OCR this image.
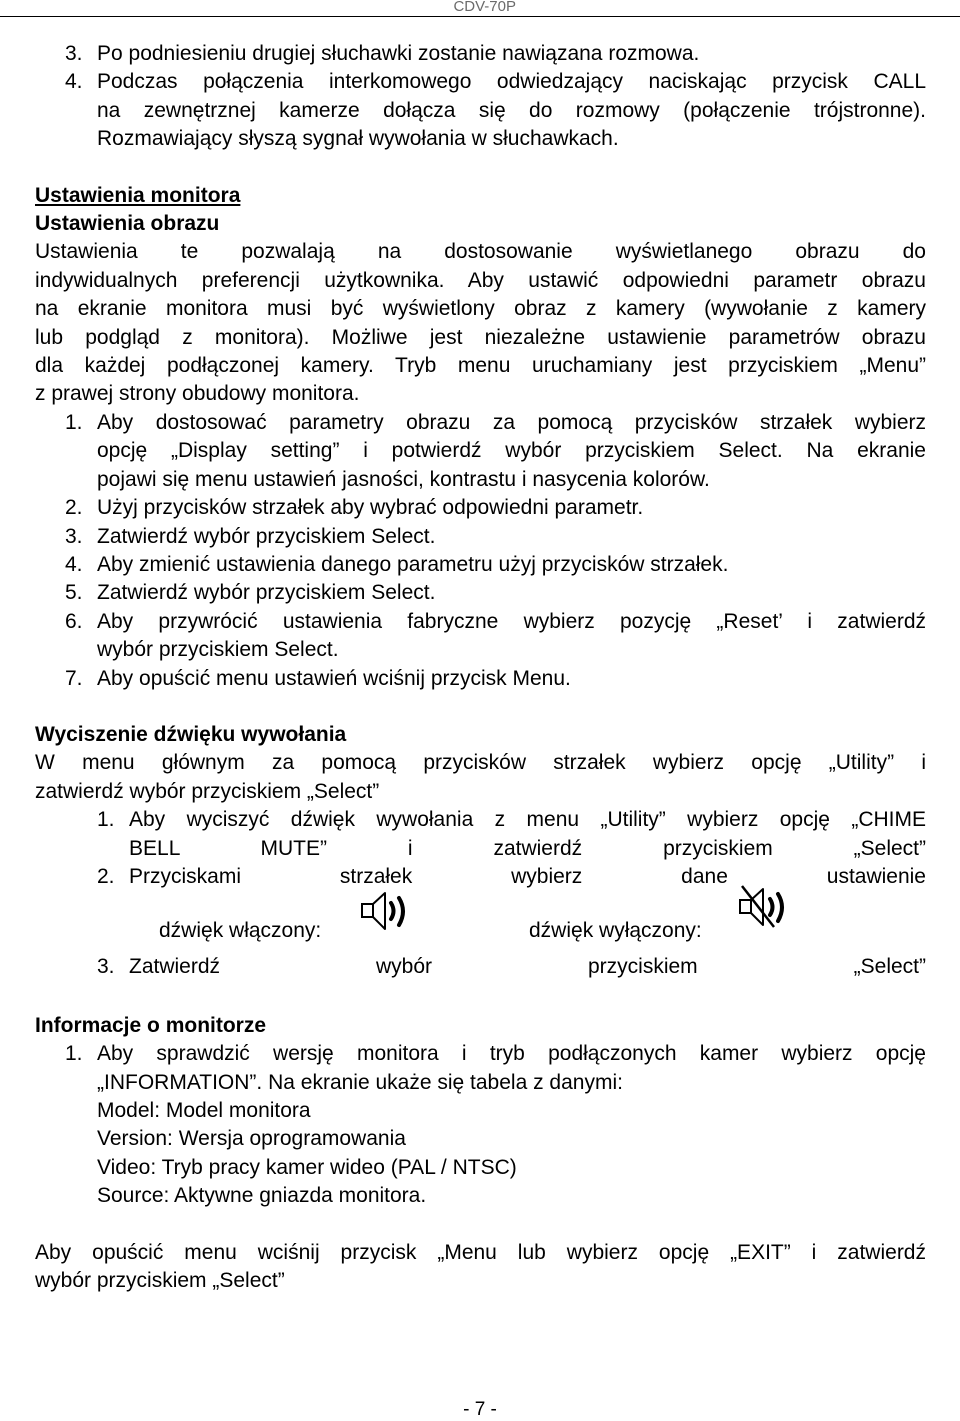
CDV-70P
3. Po podniesieniu drugiej słuchawki zostanie nawiązana rozmowa.
4. Podczas połączenia interkomowego odwiedzający naciskając przycisk CALL
na zewnętrznej kamerze dołącza się do rozmowy (połączenie trójstronne).
Rozmawiający słyszą sygnał wywołania w słuchawkach.
Ustawienia monitora
Ustawienia obrazu
Ustawienia te pozwalają na dostosowanie wyświetlanego obrazu do
indywidualnych preferencji użytkownika. Aby ustawić odpowiedni parametr obrazu
na ekranie monitora musi być wyświetlony obraz z kamery (wywołanie z kamery
lub podgląd z monitora). Możliwe jest niezależne ustawienie parametrów obrazu
dla każdej podłączonej kamery. Tryb menu uruchamiany jest przyciskiem „Menu”
z prawej strony obudowy monitora.
1. Aby dostosować parametry obrazu za pomocą przycisków strzałek wybierz
opcję „Display setting” i potwierdź wybór przyciskiem Select. Na ekranie
pojawi się menu ustawień jasności, kontrastu i nasycenia kolorów.
2. Użyj przycisków strzałek aby wybrać odpowiedni parametr.
3. Zatwierdź wybór przyciskiem Select.
4. Aby zmienić ustawienia danego parametru użyj przycisków strzałek.
5. Zatwierdź wybór przyciskiem Select.
6. Aby przywrócić ustawienia fabryczne wybierz pozycję „Reset’ i zatwierdź
wybór przyciskiem Select.
7. Aby opuścić menu ustawień wciśnij przycisk Menu.
Wyciszenie dźwięku wywołania
W menu głównym za pomocą przycisków strzałek wybierz opcję „Utility” i
zatwierdź wybór przyciskiem „Select”
1. Aby wyciszyć dźwięk wywołania z menu „Utility” wybierz opcję „CHIME
BELL MUTE” i zatwierdź przyciskiem „Select”
2. Przyciskami strzałek wybierz dane ustawienie
dźwięk włączony:	dźwięk wyłączony:
3. Zatwierdź wybór przyciskiem „Select”
Informacje o monitorze
1. Aby sprawdzić wersję monitora i tryb podłączonych kamer wybierz opcję
„INFORMATION”. Na ekranie ukaże się tabela z danymi:
Model: Model monitora
Version: Wersja oprogramowania
Video: Tryb pracy kamer wideo (PAL / NTSC)
Source: Aktywne gniazda monitora.
Aby opuścić menu wciśnij przycisk „Menu lub wybierz opcję „EXIT” i zatwierdź
wybór przyciskiem „Select”
- 7 -
